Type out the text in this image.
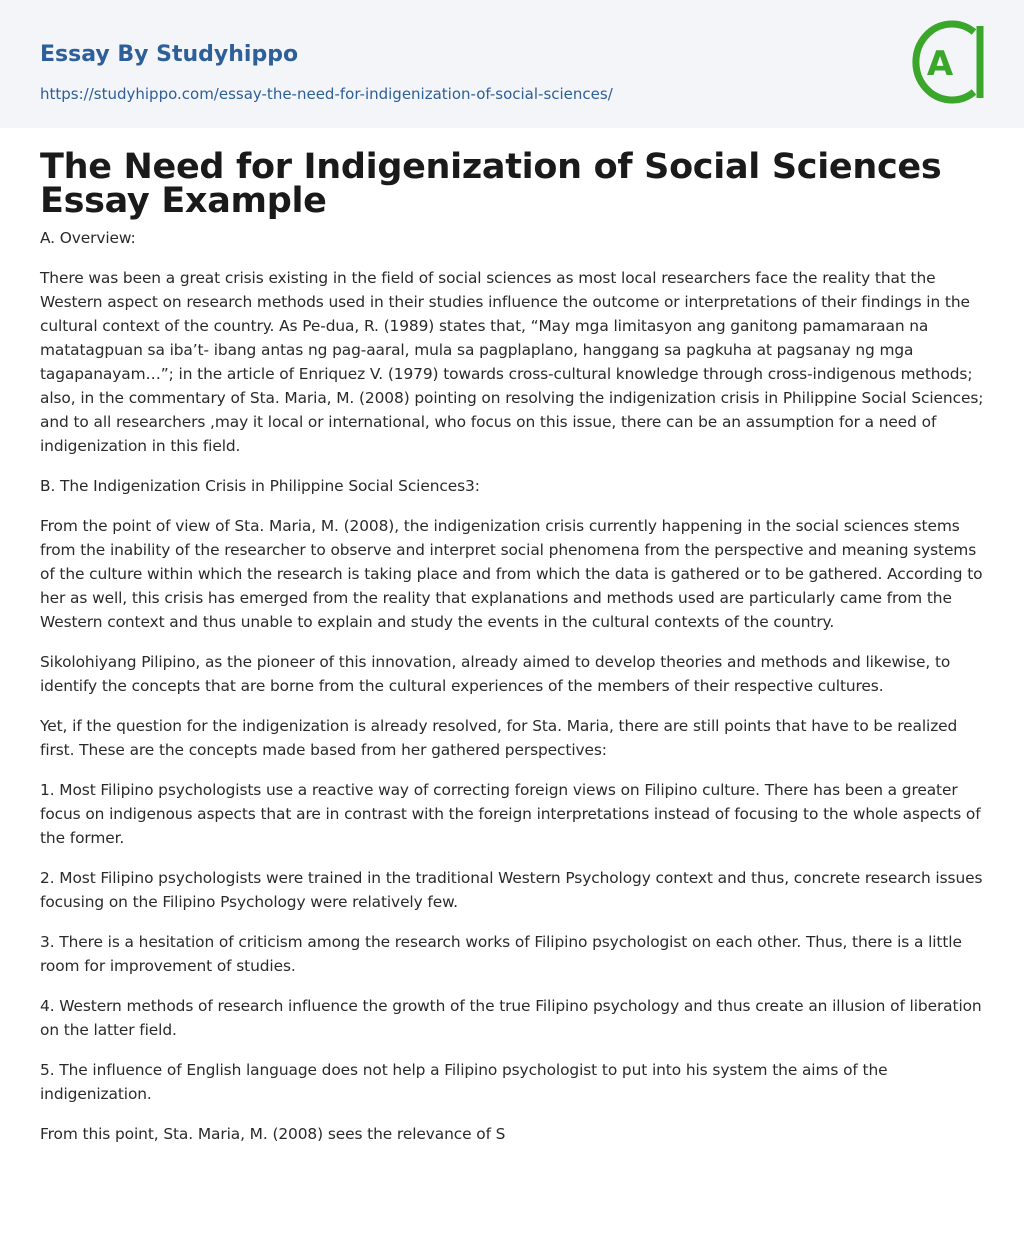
Essay By Studyhippo
https://studyhippo.com/essay-the-need-for-indigenization-of-social-sciences/
A
The Need for Indigenization of Social Sciences Essay Example

A. Overview:

There was been a great crisis existing in the field of social sciences as most local researchers face the reality that the Western aspect on research methods used in their studies influence the outcome or interpretations of their findings in the cultural context of the country. As Pe-dua, R. (1989) states that, “May mga limitasyon ang ganitong pamamaraan na matatagpuan sa iba’t- ibang antas ng pag-aaral, mula sa pagplaplano, hanggang sa pagkuha at pagsanay ng mga tagapanayam…”; in the article of Enriquez V. (1979) towards cross-cultural knowledge through cross-indigenous methods; also, in the commentary of Sta. Maria, M. (2008) pointing on resolving the indigenization crisis in Philippine Social Sciences; and to all researchers ,may it local or international, who focus on this issue, there can be an assumption for a need of indigenization in this field.

B. The Indigenization Crisis in Philippine Social Sciences3:

From the point of view of Sta. Maria, M. (2008), the indigenization crisis currently happening in the social sciences stems from the inability of the researcher to observe and interpret social phenomena from the perspective and meaning systems of the culture within which the research is taking place and from which the data is gathered or to be gathered. According to her as well, this crisis has emerged from the reality that explanations and methods used are particularly came from the Western context and thus unable to explain and study the events in the cultural contexts of the country.

Sikolohiyang Pilipino, as the pioneer of this innovation, already aimed to develop theories and methods and likewise, to identify the concepts that are borne from the cultural experiences of the members of their respective cultures.

Yet, if the question for the indigenization is already resolved, for Sta. Maria, there are still points that have to be realized first. These are the concepts made based from her gathered perspectives:

1. Most Filipino psychologists use a reactive way of correcting foreign views on Filipino culture. There has been a greater focus on indigenous aspects that are in contrast with the foreign interpretations instead of focusing to the whole aspects of the former.

2. Most Filipino psychologists were trained in the traditional Western Psychology context and thus, concrete research issues focusing on the Filipino Psychology were relatively few.

3. There is a hesitation of criticism among the research works of Filipino psychologist on each other. Thus, there is a little room for improvement of studies.

4. Western methods of research influence the growth of the true Filipino psychology and thus create an illusion of liberation on the latter field.

5. The influence of English language does not help a Filipino psychologist to put into his system the aims of the indigenization.

From this point, Sta. Maria, M. (2008) sees the relevance of S
